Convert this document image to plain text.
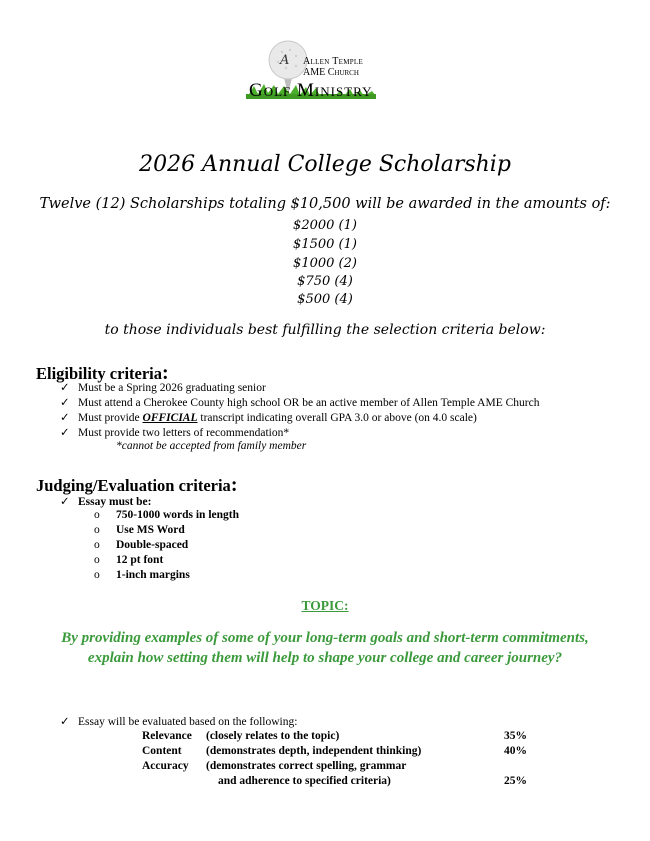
A Allen Temple
AME Church
Golf Ministry
2026 Annual College Scholarship
Twelve (12) Scholarships totaling $10,500 will be awarded in the amounts of:
$2000 (1)
$1500 (1)
$1000 (2)
$750 (4)
$500 (4)
to those individuals best fulfilling the selection criteria below:
Eligibility criteria:
✓ Must be a Spring 2026 graduating senior
✓ Must attend a Cherokee County high school OR be an active member of Allen Temple AME Church
✓ Must provide OFFICIAL transcript indicating overall GPA 3.0 or above (on 4.0 scale)
✓ Must provide two letters of recommendation*
*cannot be accepted from family member
Judging/Evaluation criteria:
✓ Essay must be:
o 750-1000 words in length
o Use MS Word
o Double-spaced
o 12 pt font
o 1-inch margins
TOPIC:
By providing examples of some of your long-term goals and short-term commitments, explain how setting them will help to shape your college and career journey?
✓ Essay will be evaluated based on the following:
Relevance (closely relates to the topic)	35%
Content (demonstrates depth, independent thinking)	40%
Accuracy (demonstrates correct spelling, grammar
and adherence to specified criteria)	25%
